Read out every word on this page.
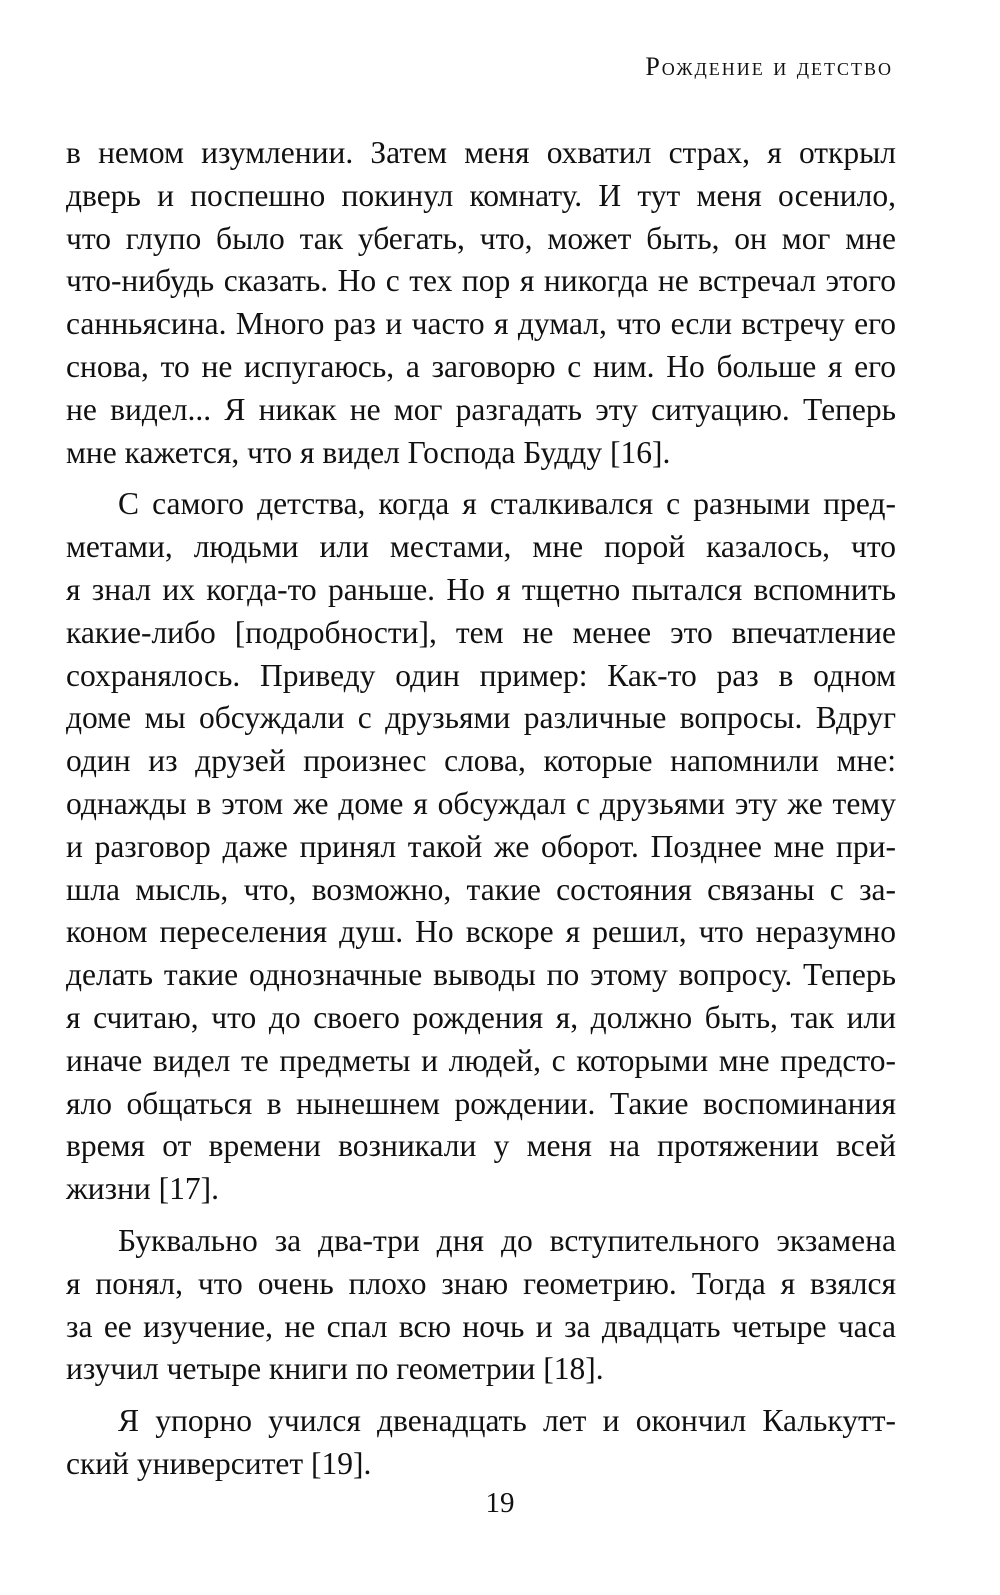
Рождение и детство
в немом изумлении. Затем меня охватил страх, я открыл
дверь и поспешно покинул комнату. И тут меня осенило,
что глупо было так убегать, что, может быть, он мог мне
что-нибудь сказать. Но с тех пор я никогда не встречал этого
санньясина. Много раз и часто я думал, что если встречу его
снова, то не испугаюсь, а заговорю с ним. Но больше я его
не видел... Я никак не мог разгадать эту ситуацию. Теперь
мне кажется, что я видел Господа Будду [16].
С самого детства, когда я сталкивался с разными пред-
метами, людьми или местами, мне порой казалось, что
я знал их когда-то раньше. Но я тщетно пытался вспомнить
какие-либо [подробности], тем не менее это впечатление
сохранялось. Приведу один пример: Как-то раз в одном
доме мы обсуждали с друзьями различные вопросы. Вдруг
один из друзей произнес слова, которые напомнили мне:
однажды в этом же доме я обсуждал с друзьями эту же тему
и разговор даже принял такой же оборот. Позднее мне при-
шла мысль, что, возможно, такие состояния связаны с за-
коном переселения душ. Но вскоре я решил, что неразумно
делать такие однозначные выводы по этому вопросу. Теперь
я считаю, что до своего рождения я, должно быть, так или
иначе видел те предметы и людей, с которыми мне предсто-
яло общаться в нынешнем рождении. Такие воспоминания
время от времени возникали у меня на протяжении всей
жизни [17].
Буквально за два-три дня до вступительного экзамена
я понял, что очень плохо знаю геометрию. Тогда я взялся
за ее изучение, не спал всю ночь и за двадцать четыре часа
изучил четыре книги по геометрии [18].
Я упорно учился двенадцать лет и окончил Калькутт-
ский университет [19].
19
